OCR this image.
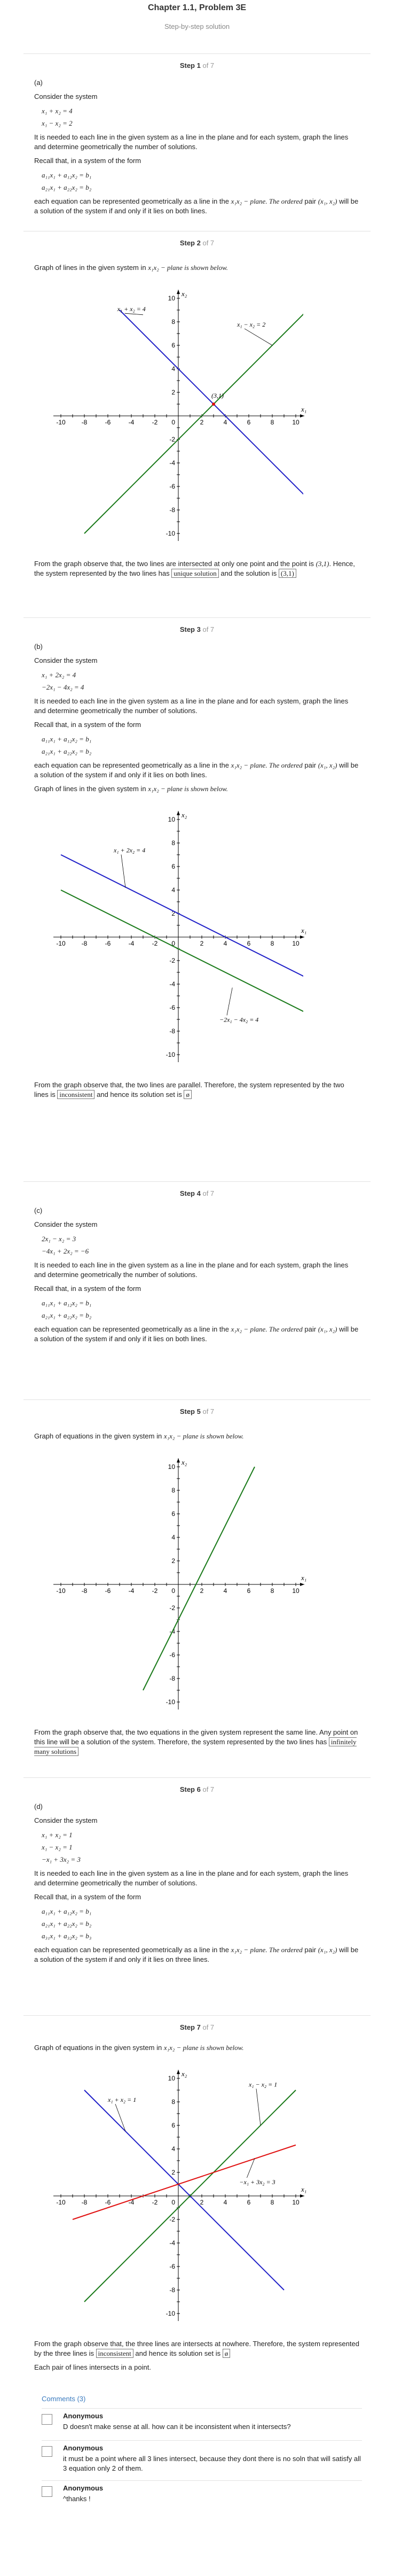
Chapter 1.1, Problem 3E
Step-by-step solution
Step 1 of 7

(a)

Consider the system

x₁ + x₂ = 4
x₁ − x₂ = 2

It is needed to each line in the given system as a line in the plane and for each system, graph the lines and determine geometrically the number of solutions.

Recall that, in a system of the form

a₁₁x₁ + a₁₂x₂ = b₁
a₂₁x₁ + a₂₂x₂ = b₂

each equation can be represented geometrically as a line in the x₁x₂ − plane. The ordered pair (x₁, x₂) will be a solution of the system if and only if it lies on both lines.

Step 2 of 7

Graph of lines in the given system in x₁x₂ − plane is shown below.

-10 -8	-6	-4	-2	2	4	6	8	10
10
8
6
4
2
-2
-4
-6
-8
-10
0
x₁
x₂
x₁ + x₂ = 4
x₁ − x₂ = 2
(3,1)

From the graph observe that, the two lines are intersected at only one point and the point is (3,1). Hence, the system represented by the two lines has unique solution and the solution is (3,1)

Step 3 of 7

(b)

Consider the system

x₁ + 2x₂ = 4
−2x₁ − 4x₂ = 4

It is needed to each line in the given system as a line in the plane and for each system, graph the lines and determine geometrically the number of solutions.

Recall that, in a system of the form

a₁₁x₁ + a₁₂x₂ = b₁
a₂₁x₁ + a₂₂x₂ = b₂

each equation can be represented geometrically as a line in the x₁x₂ − plane. The ordered pair (x₁, x₂) will be a solution of the system if and only if it lies on both lines.

Graph of lines in the given system in x₁x₂ − plane is shown below.

-10 -8	-6	-4	-2	2	4	6	8	10
10
8
6
4
2
-2
-4
-6
-8
-10
0
x₁
x₂
x₁ + 2x₂ = 4
−2x₁ − 4x₂ = 4

From the graph observe that, the two lines are parallel. Therefore, the system represented by the two lines is inconsistent and hence its solution set is ø

Step 4 of 7

(c)

Consider the system

2x₁ − x₂ = 3
−4x₁ + 2x₂ = −6

It is needed to each line in the given system as a line in the plane and for each system, graph the lines and determine geometrically the number of solutions.

Recall that, in a system of the form

a₁₁x₁ + a₁₂x₂ = b₁
a₂₁x₁ + a₂₂x₂ = b₂

each equation can be represented geometrically as a line in the x₁x₂ − plane. The ordered pair (x₁, x₂) will be a solution of the system if and only if it lies on both lines.

Step 5 of 7

Graph of equations in the given system in x₁x₂ − plane is shown below.

-10 -8	-6	-4	-2	2	4	6	8	10
10
8
6
4
2
-2
-4
-6
-8
-10
0
x₁
x₂

From the graph observe that, the two equations in the given system represent the same line. Any point on this line will be a solution of the system. Therefore, the system represented by the two lines has infinitely many solutions

Step 6 of 7

(d)

Consider the system

x₁ + x₂ = 1
x₁ − x₂ = 1
−x₁ + 3x₂ = 3

It is needed to each line in the given system as a line in the plane and for each system, graph the lines and determine geometrically the number of solutions.

Recall that, in a system of the form

a₁₁x₁ + a₁₂x₂ = b₁
a₂₁x₁ + a₂₂x₂ = b₂
a₃₁x₁ + a₃₂x₂ = b₃

each equation can be represented geometrically as a line in the x₁x₂ − plane. The ordered pair (x₁, x₂) will be a solution of the system if and only if it lies on three lines.

Step 7 of 7

Graph of equations in the given system in x₁x₂ − plane is shown below.

-10 -8	-6	-4	-2	2	4	6	8	10
10
8
6
4
2
-2
-4
-6
-8
-10
0
x₁
x₂
x₁ + x₂ = 1
x₁ − x₂ = 1
−x₁ + 3x₂ = 3

From the graph observe that, the three lines are intersects at nowhere. Therefore, the system represented by the three lines is inconsistent and hence its solution set is ø

Each pair of lines intersects in a point.

Comments (3)
Anonymous
D doesn't make sense at all. how can it be inconsistent when it intersects?
Anonymous
it must be a point where all 3 lines intersect, because they dont there is no soln that will satisfy all 3 equation only 2 of them.
Anonymous
^thanks !
